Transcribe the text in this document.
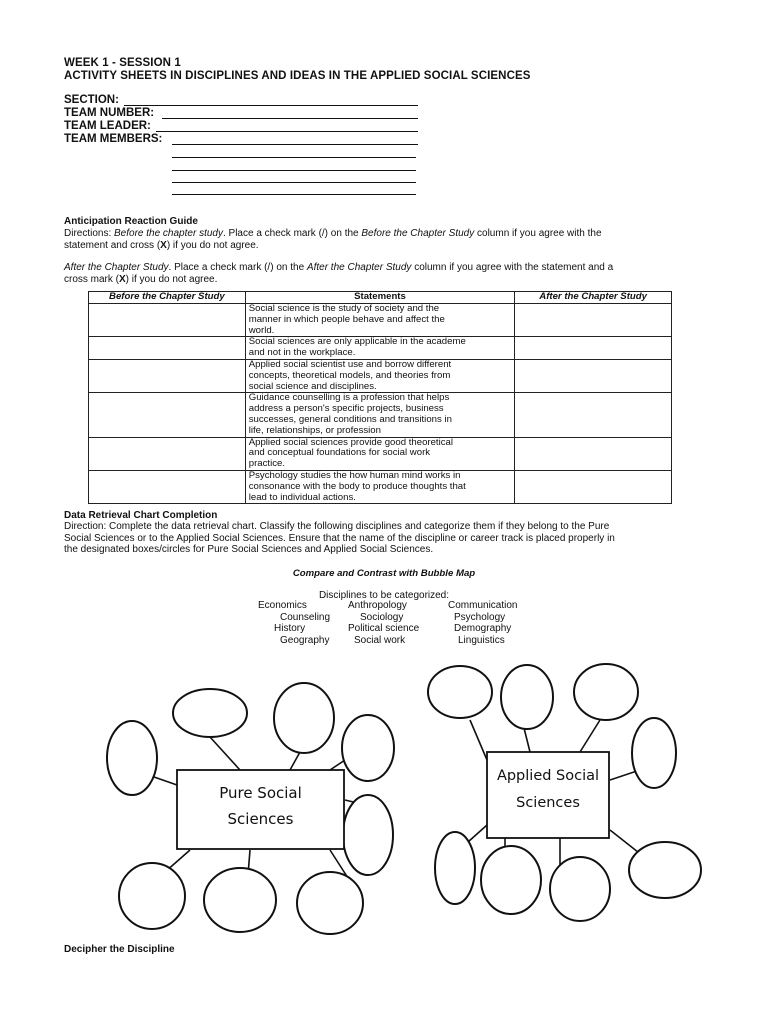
WEEK 1 - SESSION 1
ACTIVITY SHEETS IN DISCIPLINES AND IDEAS IN THE APPLIED SOCIAL SCIENCES
SECTION:
TEAM NUMBER:
TEAM LEADER:
TEAM MEMBERS:
Anticipation Reaction Guide
Directions: Before the chapter study. Place a check mark (/) on the Before the Chapter Study column if you agree with the
statement and cross (X) if you do not agree.
After the Chapter Study. Place a check mark (/) on the After the Chapter Study column if you agree with the statement and a
cross mark (X) if you do not agree.
Before the Chapter Study	Statements	After the Chapter Study
	Social science is the study of society and the
manner in which people behave and affect the
world.	
	Social sciences are only applicable in the academe
and not in the workplace.	
	Applied social scientist use and borrow different
concepts, theoretical models, and theories from
social science and disciplines.	
	Guidance counselling is a profession that helps
address a person's specific projects, business
successes, general conditions and transitions in
life, relationships, or profession	
	Applied social sciences provide good theoretical
and conceptual foundations for social work
practice.	
	Psychology studies the how human mind works in
consonance with the body to produce thoughts that
lead to individual actions.	
Data Retrieval Chart Completion
Direction: Complete the data retrieval chart. Classify the following disciplines and categorize them if they belong to the Pure
Social Sciences or to the Applied Social Sciences. Ensure that the name of the discipline or career track is placed properly in
the designated boxes/circles for Pure Social Sciences and Applied Social Sciences.
Compare and Contrast with Bubble Map
Disciplines to be categorized:
Economics	Anthropology	Communication
Counseling	Sociology	Psychology
History	Political science	Demography
Geography	Social work	Linguistics
Pure Social
Sciences
Applied Social
Sciences
Decipher the Discipline
